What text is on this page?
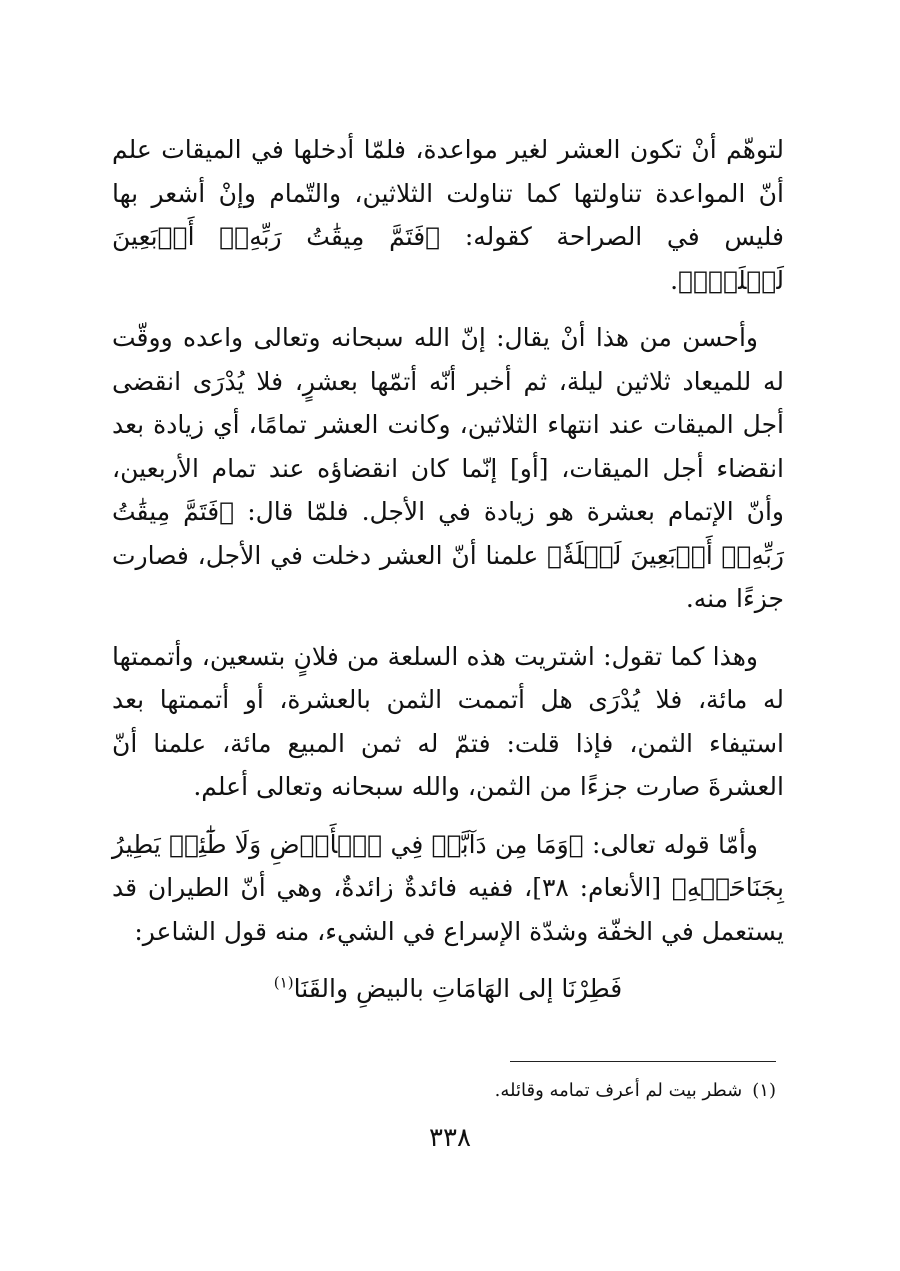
لتوهّم أنْ تكون العشر لغير مواعدة، فلمّا أدخلها في الميقات علم أنّ المواعدة تناولتها كما تناولت الثلاثين، والتّمام وإنْ أشعر بها فليس في الصراحة كقوله: ﴿فَتَمَّ مِيقَٰتُ رَبِّهِۦٓ أَرۡبَعِينَ لَيۡلَةٗۚ﴾.

وأحسن من هذا أنْ يقال: إنّ الله سبحانه وتعالى واعده ووقّت له للميعاد ثلاثين ليلة، ثم أخبر أنّه أتمّها بعشرٍ، فلا يُدْرَى انقضى أجل الميقات عند انتهاء الثلاثين، وكانت العشر تمامًا، أي زيادة بعد انقضاء أجل الميقات، [أو] إنّما كان انقضاؤه عند تمام الأربعين، وأنّ الإتمام بعشرة هو زيادة في الأجل. فلمّا قال: ﴿فَتَمَّ مِيقَٰتُ رَبِّهِۦٓ أَرۡبَعِينَ لَيۡلَةٗ﴾ علمنا أنّ العشر دخلت في الأجل، فصارت جزءًا منه.

وهذا كما تقول: اشتريت هذه السلعة من فلانٍ بتسعين، وأتممتها له مائة، فلا يُدْرَى هل أتممت الثمن بالعشرة، أو أتممتها بعد استيفاء الثمن، فإذا قلت: فتمّ له ثمن المبيع مائة، علمنا أنّ العشرةَ صارت جزءًا من الثمن، والله سبحانه وتعالى أعلم.

وأمّا قوله تعالى: ﴿وَمَا مِن دَآبَّةٖ فِي ٱلۡأَرۡضِ وَلَا طَٰٓئِرٖ يَطِيرُ بِجَنَاحَيۡهِ﴾ [الأنعام: ٣٨]، ففيه فائدةٌ زائدةٌ، وهي أنّ الطيران قد يستعمل في الخفّة وشدّة الإسراع في الشيء، منه قول الشاعر:

فَطِرْنَا إلى الهَامَاتِ بالبيضِ والقَنَا$^{(١)}$

(١)شطر بيت لم أعرف تمامه وقائله.
٣٣٨
